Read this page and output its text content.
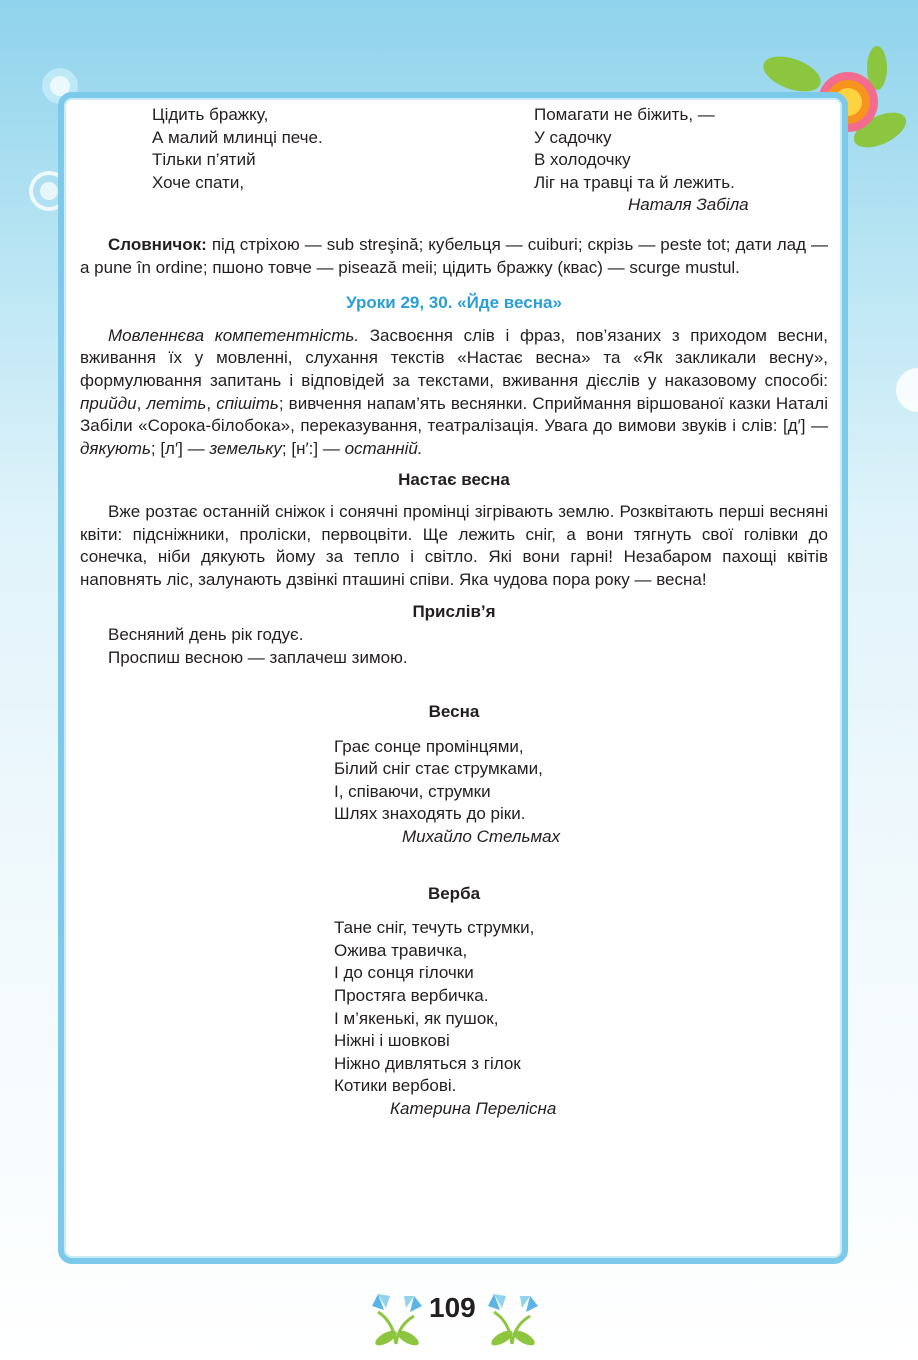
Цідить бражку,
А малий млинці пече.
Тільки п’ятий
Хоче спати,
Помагати не біжить, —
У садочку
В холодочку
Ліг на травці та й лежить.
Наталя Забіла

Словничок: під стріхою — sub streşină; кубельця — cuiburi; скрізь — peste tot; дати лад — a pune în ordine; пшоно товче — pisează meii; цідить бражку (квас) — scurge mustul.

Уроки 29, 30. «Йде весна»

Мовленнєва компетентність. Засвоєння слів і фраз, пов’язаних з приходом весни, вживання їх у мовленні, слухання текстів «Настає весна» та «Як закликали весну», формулювання запитань і відповідей за текстами, вживання дієслів у наказовому способі: прийди, летіть, спішіть; вивчення напам’ять веснянки. Сприймання віршованої казки Наталі Забіли «Сорока-білобока», переказування, театралізація. Увага до вимови звуків і слів: [д′] — дякують; [л′] — земельку; [н′:] — останній.

Настає весна

Вже розтає останній сніжок і сонячні промінці зігрівають землю. Розквітають перші весняні квіти: підсніжники, проліски, первоцвіти. Ще лежить сніг, а вони тягнуть свої голівки до сонечка, ніби дякують йому за тепло і світло. Які вони гарні! Незабаром пахощі квітів наповнять ліс, залунають дзвінкі пташині співи. Яка чудова пора року — весна!

Прислів’я

Весняний день рік годує.
Проспиш весною — заплачеш зимою.

Весна

Грає сонце промінцями,
Білий сніг стає струмками,
І, співаючи, струмки
Шлях знаходять до ріки.
Михайло Стельмах

Верба

Тане сніг, течуть струмки,
Ожива травичка,
І до сонця гілочки
Простяга вербичка.
І м’якенькі, як пушок,
Ніжні і шовкові
Ніжно дивляться з гілок
Котики вербові.
Катерина Перелісна
109
